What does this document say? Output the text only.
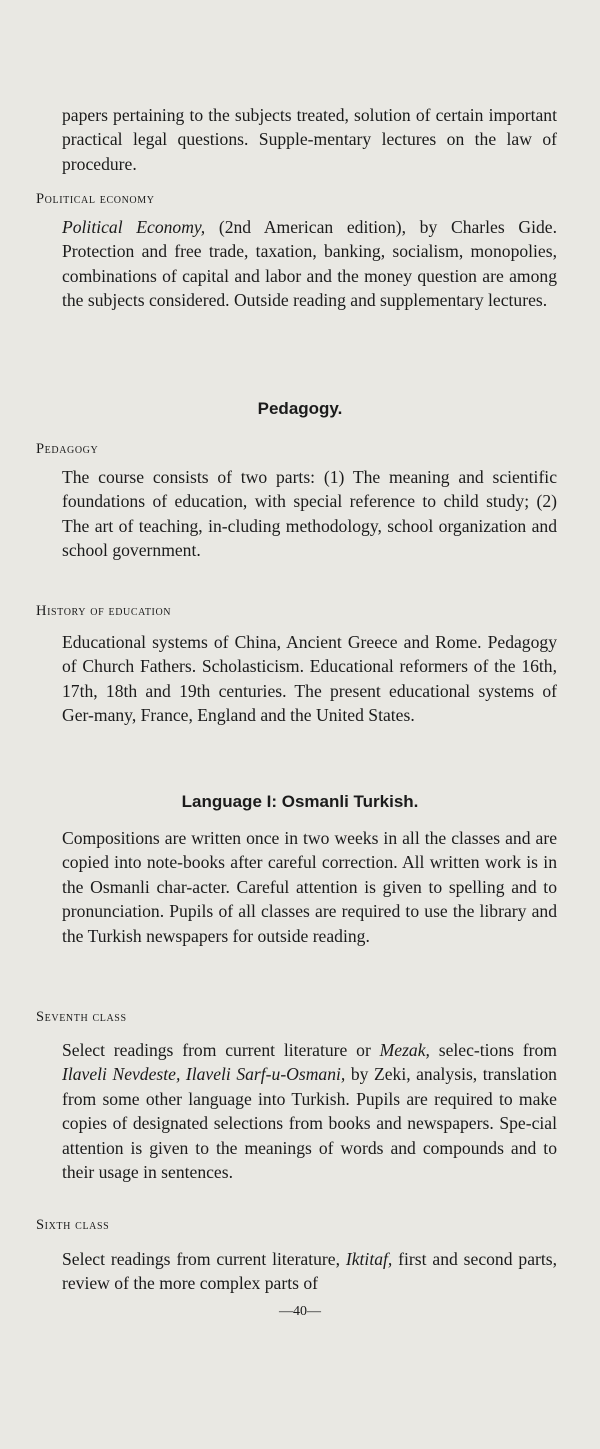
papers pertaining to the subjects treated, solution of certain important practical legal questions. Supple-mentary lectures on the law of procedure.
Political economy
Political Economy, (2nd American edition), by Charles Gide. Protection and free trade, taxation, banking, socialism, monopolies, combinations of capital and labor and the money question are among the subjects considered. Outside reading and supplementary lectures.
Pedagogy.
Pedagogy
The course consists of two parts: (1) The meaning and scientific foundations of education, with special reference to child study; (2) The art of teaching, in-cluding methodology, school organization and school government.
History of education
Educational systems of China, Ancient Greece and Rome. Pedagogy of Church Fathers. Scholasticism. Educational reformers of the 16th, 17th, 18th and 19th centuries. The present educational systems of Ger-many, France, England and the United States.
Language I: Osmanli Turkish.
Compositions are written once in two weeks in all the classes and are copied into note-books after careful correction. All written work is in the Osmanli char-acter. Careful attention is given to spelling and to pronunciation. Pupils of all classes are required to use the library and the Turkish newspapers for outside reading.
Seventh class
Select readings from current literature or Mezak, selec-tions from Ilaveli Nevdeste, Ilaveli Sarf-u-Osmani, by Zeki, analysis, translation from some other language into Turkish. Pupils are required to make copies of designated selections from books and newspapers. Spe-cial attention is given to the meanings of words and compounds and to their usage in sentences.
Sixth class
Select readings from current literature, Iktitaf, first and second parts, review of the more complex parts of
—40—
